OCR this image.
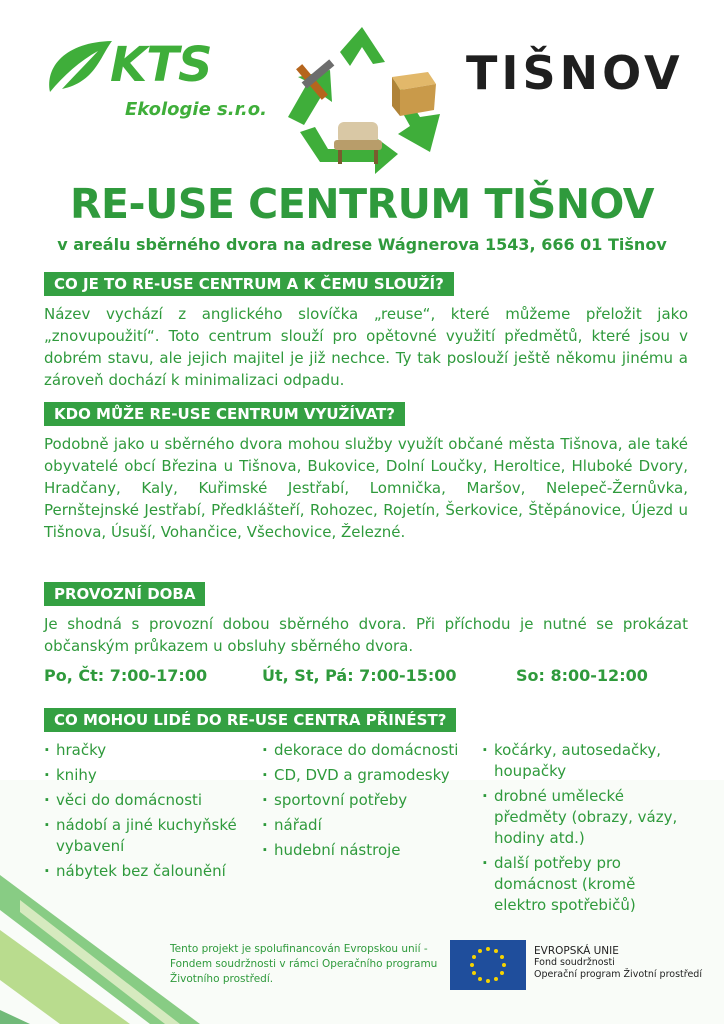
KTS
Ekologie s.r.o.
TIŠNOV
RE-USE CENTRUM TIŠNOV
v areálu sběrného dvora na adrese Wágnerova 1543, 666 01 Tišnov
CO JE TO RE-USE CENTRUM A K ČEMU SLOUŽÍ?
Název vychází z anglického slovíčka „reuse“, které můžeme přeložit jako „znovupoužití“. Toto centrum slouží pro opětovné využití předmětů, které jsou v dobrém stavu, ale jejich majitel je již nechce. Ty tak poslouží ještě někomu jinému a zároveň dochází k minimalizaci odpadu.
KDO MŮŽE RE-USE CENTRUM VYUŽÍVAT?
Podobně jako u sběrného dvora mohou služby využít občané města Tišnova, ale také obyvatelé obcí Březina u Tišnova, Bukovice, Dolní Loučky, Heroltice, Hluboké Dvory, Hradčany, Kaly, Kuřimské Jestřabí, Lomnička, Maršov, Nelepeč-Žernůvka, Pernštejnské Jestřabí, Předklášteří, Rohozec, Rojetín, Šerkovice, Štěpánovice, Újezd u Tišnova, Úsuší, Vohančice, Všechovice, Železné.
PROVOZNÍ DOBA
Je shodná s provozní dobou sběrného dvora. Při příchodu je nutné se prokázat občanským průkazem u obsluhy sběrného dvora.
Po, Čt: 7:00-17:00	Út, St, Pá: 7:00-15:00	So: 8:00-12:00
CO MOHOU LIDÉ DO RE-USE CENTRA PŘINÉST?
· hračky
· knihy
· věci do domácnosti
· nádobí a jiné kuchyňské vybavení
· nábytek bez čalounění
· dekorace do domácnosti
· CD, DVD a gramodesky
· sportovní potřeby
· nářadí
· hudební nástroje
· kočárky, autosedačky, houpačky
· drobné umělecké předměty (obrazy, vázy, hodiny atd.)
· další potřeby pro domácnost (kromě elektro spotřebičů)
Tento projekt je spolufinancován Evropskou unií - Fondem soudržnosti v rámci Operačního programu Životního prostředí.
EVROPSKÁ UNIE
Fond soudržnosti
Operační program Životní prostředí
